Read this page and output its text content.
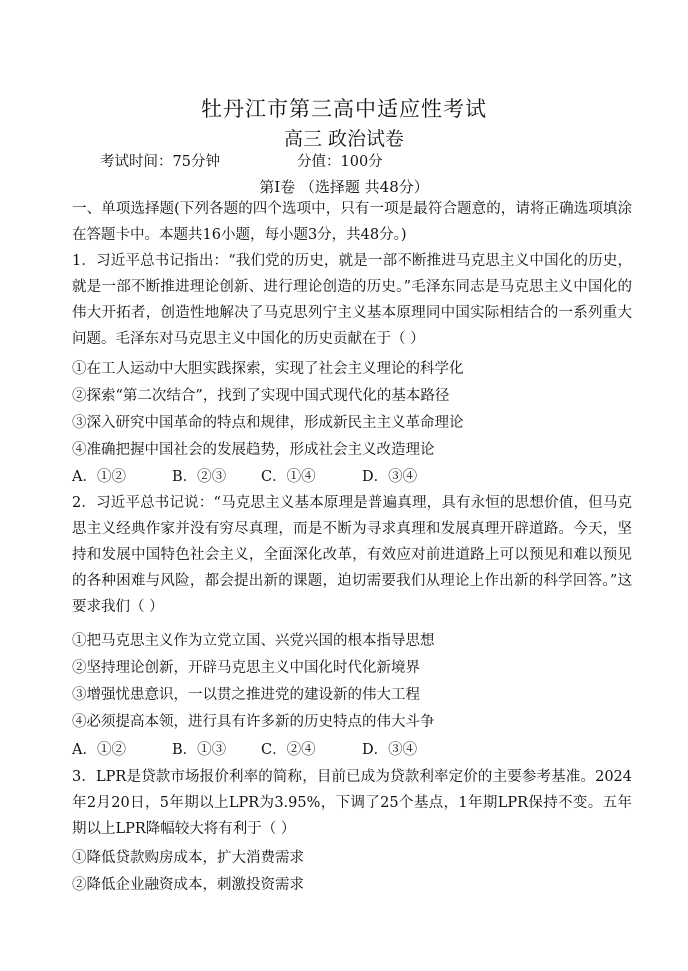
牡丹江市第三高中适应性考试
高三 政治试卷
考试时间：75分钟	分值：100分
第Ⅰ卷 （选择题 共48分）
一、单项选择题(下列各题的四个选项中，只有一项是最符合题意的，请将正确选项填涂在答题卡中。本题共16小题，每小题3分，共48分。)
1．习近平总书记指出：“我们党的历史，就是一部不断推进马克思主义中国化的历史，就是一部不断推进理论创新、进行理论创造的历史。”毛泽东同志是马克思主义中国化的伟大开拓者，创造性地解决了马克思列宁主义基本原理同中国实际相结合的一系列重大问题。毛泽东对马克思主义中国化的历史贡献在于（ ）
①在工人运动中大胆实践探索，实现了社会主义理论的科学化
②探索“第二次结合”，找到了实现中国式现代化的基本路径
③深入研究中国革命的特点和规律，形成新民主主义革命理论
④准确把握中国社会的发展趋势，形成社会主义改造理论
A．①②	B．②③ C．①④	D．③④
2．习近平总书记说：“马克思主义基本原理是普遍真理，具有永恒的思想价值，但马克思主义经典作家并没有穷尽真理，而是不断为寻求真理和发展真理开辟道路。今天，坚持和发展中国特色社会主义，全面深化改革，有效应对前进道路上可以预见和难以预见的各种困难与风险，都会提出新的课题，迫切需要我们从理论上作出新的科学回答。”这要求我们（ ）
①把马克思主义作为立党立国、兴党兴国的根本指导思想
②坚持理论创新，开辟马克思主义中国化时代化新境界
③增强忧患意识，一以贯之推进党的建设新的伟大工程
④必须提高本领，进行具有许多新的历史特点的伟大斗争
A．①②	B．①③ C．②④	D．③④
3．LPR是贷款市场报价利率的简称，目前已成为贷款利率定价的主要参考基准。2024年2月20日，5年期以上LPR为3.95%，下调了25个基点，1年期LPR保持不变。五年期以上LPR降幅较大将有利于（ ）
①降低贷款购房成本，扩大消费需求
②降低企业融资成本，刺激投资需求
